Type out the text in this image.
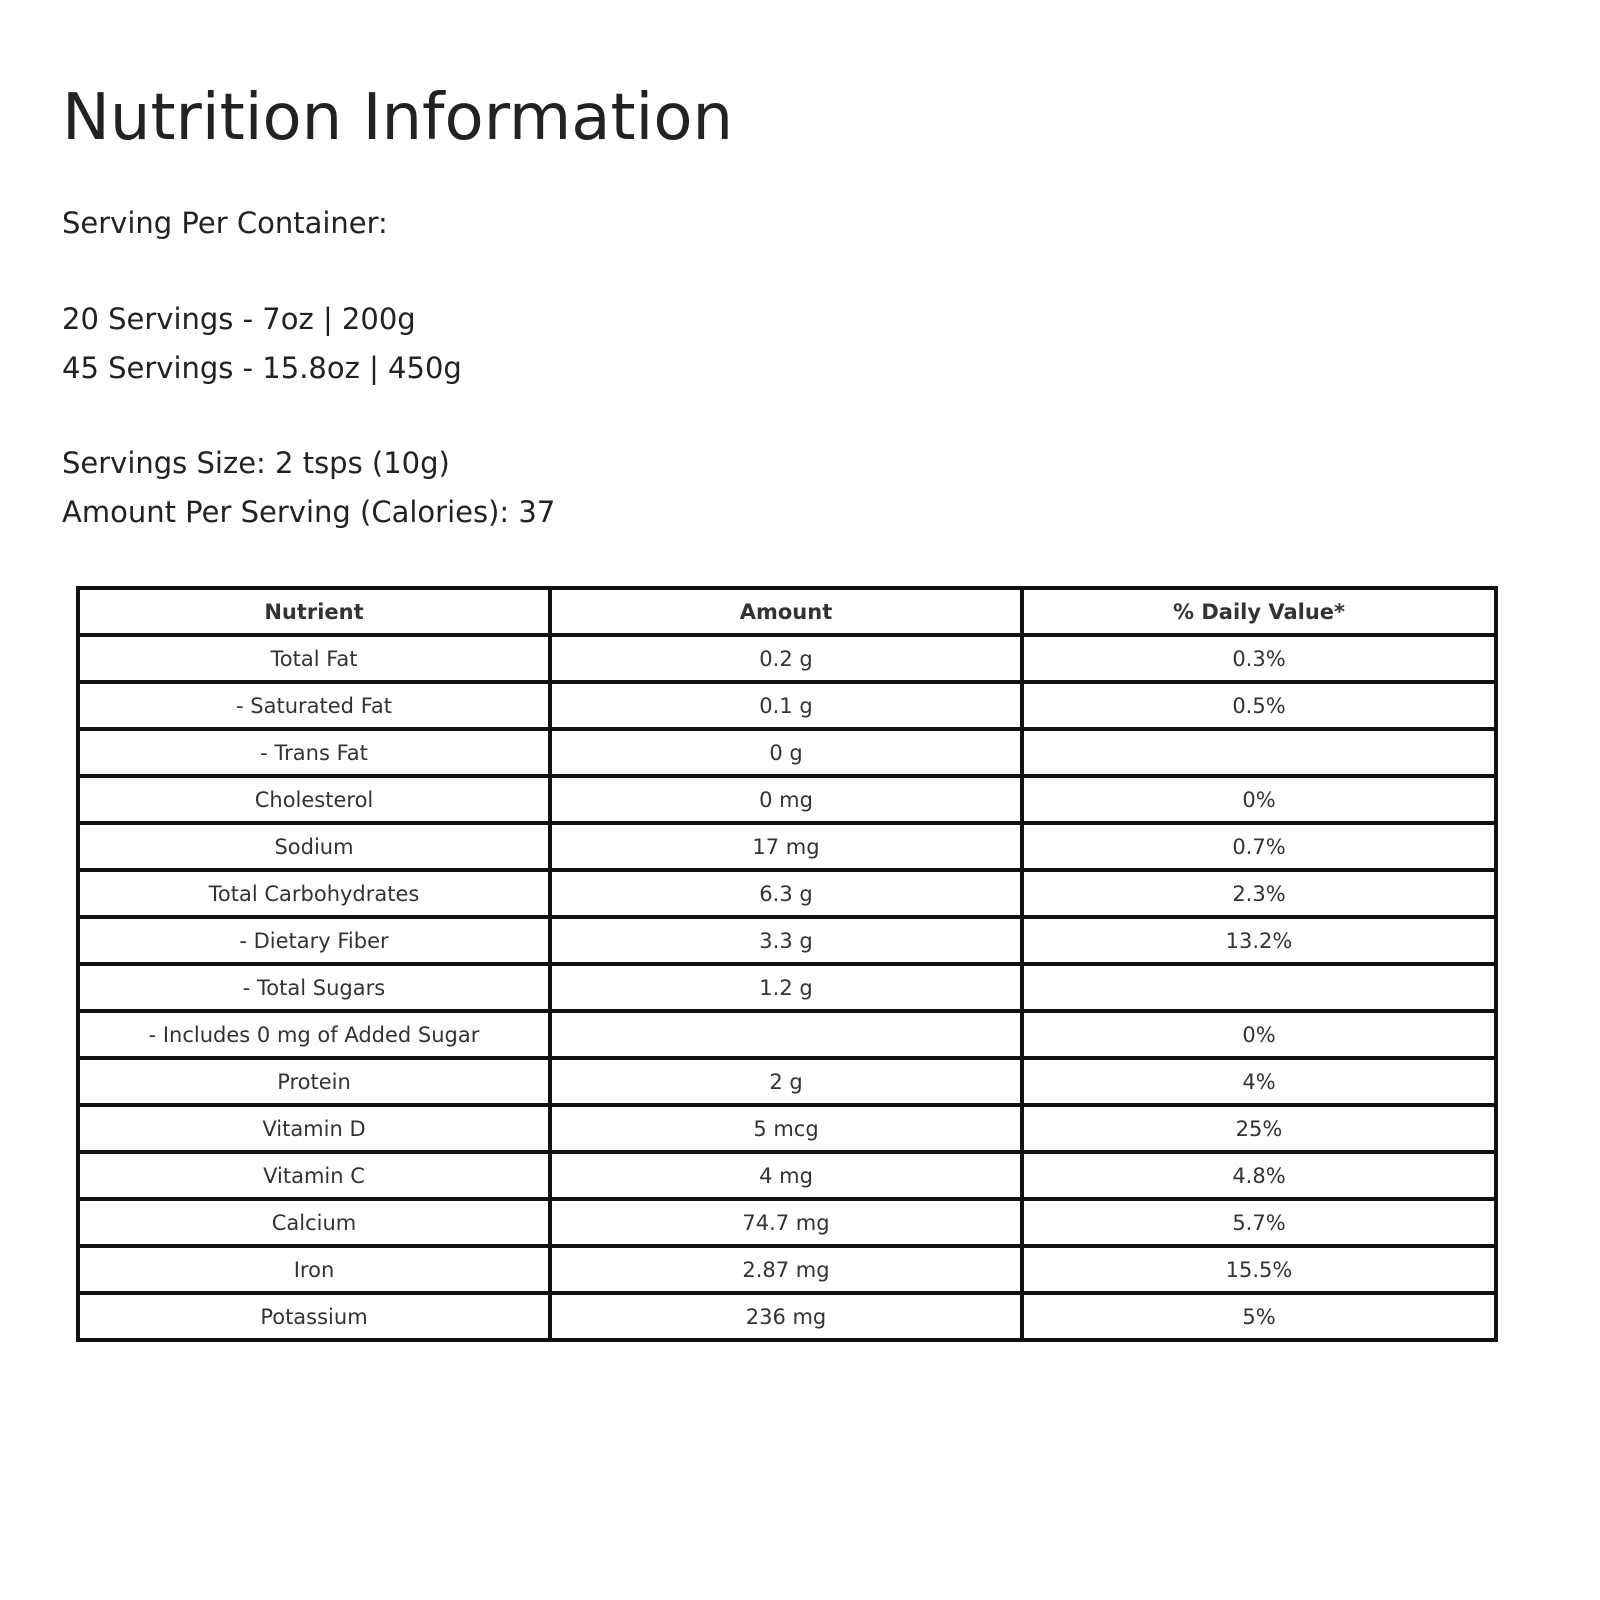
Nutrition Information
Serving Per Container:
20 Servings - 7oz | 200g
45 Servings - 15.8oz | 450g
Servings Size: 2 tsps (10g)
Amount Per Serving (Calories): 37
Nutrient	Amount	% Daily Value*
Total Fat	0.2 g	0.3%
- Saturated Fat	0.1 g	0.5%
- Trans Fat	0 g	
Cholesterol	0 mg	0%
Sodium	17 mg	0.7%
Total Carbohydrates	6.3 g	2.3%
- Dietary Fiber	3.3 g	13.2%
- Total Sugars	1.2 g	
- Includes 0 mg of Added Sugar		0%
Protein	2 g	4%
Vitamin D	5 mcg	25%
Vitamin C	4 mg	4.8%
Calcium	74.7 mg	5.7%
Iron	2.87 mg	15.5%
Potassium	236 mg	5%
